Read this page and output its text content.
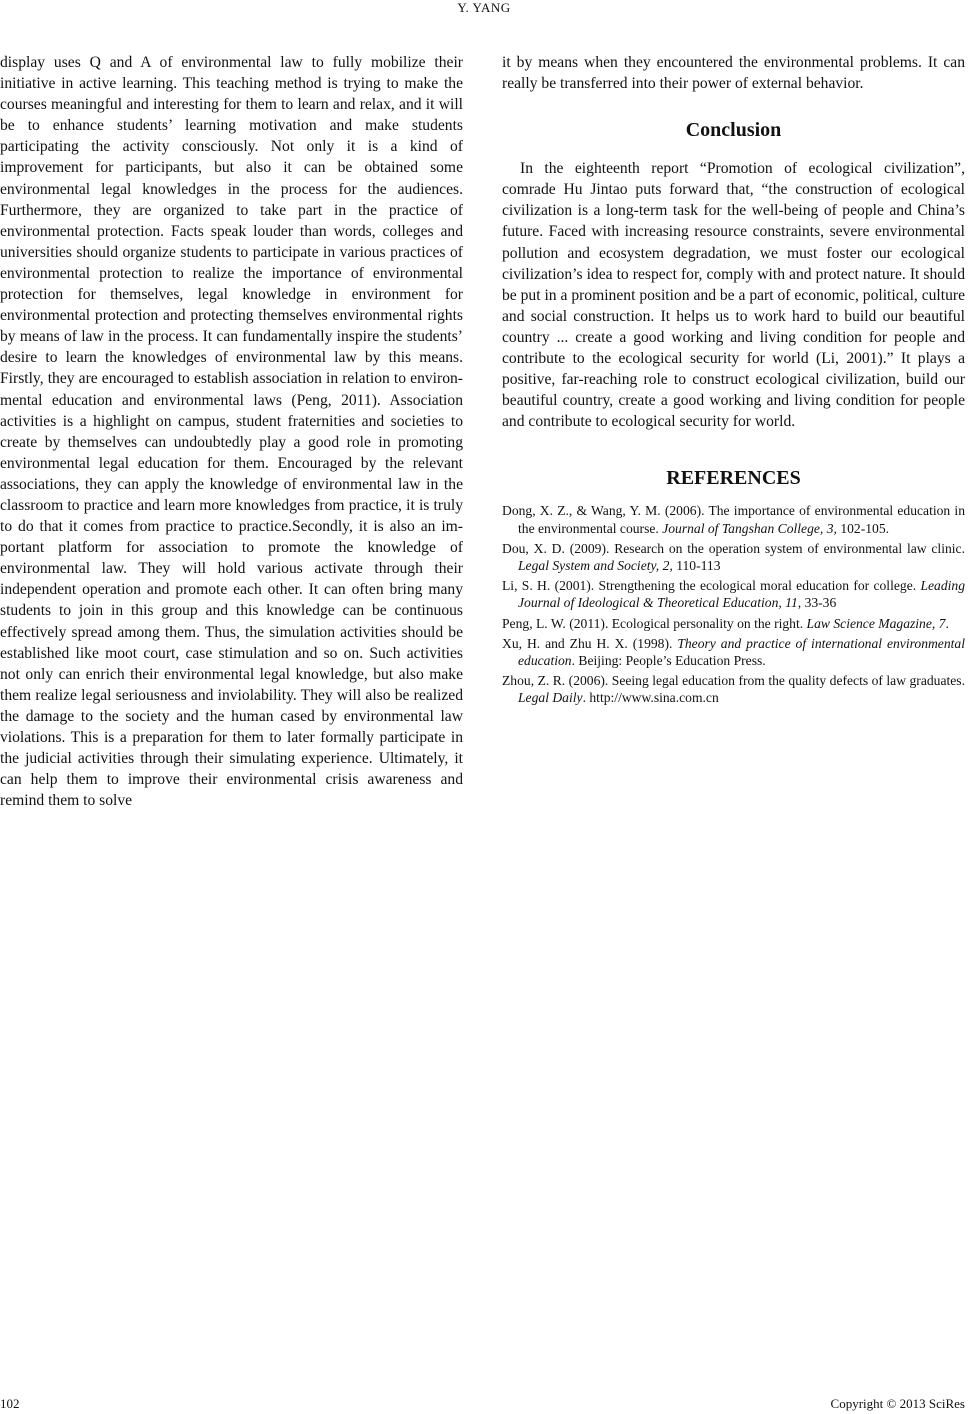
Y. YANG

display uses Q and A of environmental law to fully mobilize their initiative in active learning. This teaching method is trying to make the courses meaningful and interesting for them to learn and relax, and it will be to enhance students’ learning motivation and make students participating the activity consciously. Not only it is a kind of improvement for participants, but also it can be obtained some environmental legal knowledges in the process for the audiences. Furthermore, they are organized to take part in the practice of environmental protection. Facts speak louder than words, colleges and universities should organize students to participate in various practices of environmental protection to realize the importance of environmental protection for themselves, legal knowledge in environment for environmental protection and protecting themselves environmental rights by means of law in the process. It can fundamentally inspire the students’ desire to learn the knowledges of environmental law by this means. Firstly, they are encouraged to establish association in relation to environmental education and environmental laws (Peng, 2011). Association activities is a highlight on campus, student fraternities and societies to create by themselves can undoubtedly play a good role in promoting environmental legal education for them. Encouraged by the relevant associations, they can apply the knowledge of environmental law in the classroom to practice and learn more knowledges from practice, it is truly to do that it comes from practice to practice.Secondly, it is also an important platform for association to promote the knowledge of environmental law. They will hold various activate through their independent operation and promote each other. It can often bring many students to join in this group and this knowledge can be continuous effectively spread among them. Thus, the simulation activities should be established like moot court, case stimulation and so on. Such activities not only can enrich their environmental legal knowledge, but also make them realize legal seriousness and inviolability. They will also be realized the damage to the society and the human cased by environmental law violations. This is a preparation for them to later formally participate in the judicial activities through their simulating experience. Ultimately, it can help them to improve their environmental crisis awareness and remind them to solve

it by means when they encountered the environmental problems. It can really be transferred into their power of external behavior.

Conclusion

In the eighteenth report “Promotion of ecological civilization”, comrade Hu Jintao puts forward that, “the construction of ecological civilization is a long-term task for the well-being of people and China’s future. Faced with increasing resource constraints, severe environmental pollution and ecosystem degradation, we must foster our ecological civilization’s idea to respect for, comply with and protect nature. It should be put in a prominent position and be a part of economic, political, culture and social construction. It helps us to work hard to build our beautiful country ... create a good working and living condition for people and contribute to the ecological security for world (Li, 2001).” It plays a positive, far-reaching role to construct ecological civilization, build our beautiful country, create a good working and living condition for people and contribute to ecological security for world.

REFERENCES
Dong, X. Z., & Wang, Y. M. (2006). The importance of environmental education in the environmental course. Journal of Tangshan College, 3, 102-105.
Dou, X. D. (2009). Research on the operation system of environmental law clinic. Legal System and Society, 2, 110-113
Li, S. H. (2001). Strengthening the ecological moral education for college. Leading Journal of Ideological & Theoretical Education, 11, 33-36
Peng, L. W. (2011). Ecological personality on the right. Law Science Magazine, 7.
Xu, H. and Zhu H. X. (1998). Theory and practice of international environmental education. Beijing: People’s Education Press.
Zhou, Z. R. (2006). Seeing legal education from the quality defects of law graduates. Legal Daily. http://www.sina.com.cn
102	Copyright © 2013 SciRes
